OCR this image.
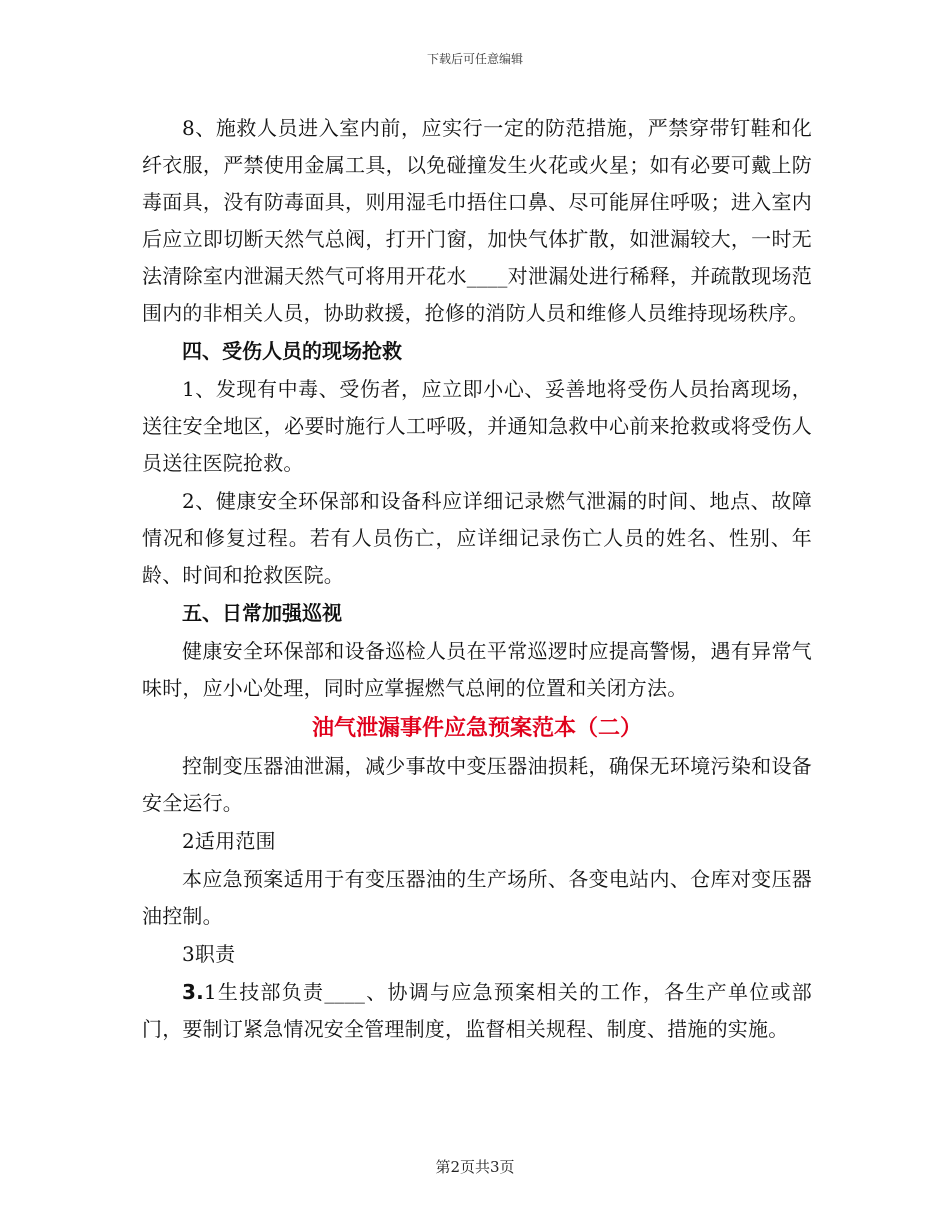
下载后可任意编辑

8、施救人员进入室内前，应实行一定的防范措施，严禁穿带钉鞋和化纤衣服，严禁使用金属工具，以免碰撞发生火花或火星；如有必要可戴上防毒面具，没有防毒面具，则用湿毛巾捂住口鼻、尽可能屏住呼吸；进入室内后应立即切断天然气总阀，打开门窗，加快气体扩散，如泄漏较大，一时无法清除室内泄漏天然气可将用开花水____对泄漏处进行稀释，并疏散现场范围内的非相关人员，协助救援，抢修的消防人员和维修人员维持现场秩序。

四、受伤人员的现场抢救

1、发现有中毒、受伤者，应立即小心、妥善地将受伤人员抬离现场，送往安全地区，必要时施行人工呼吸，并通知急救中心前来抢救或将受伤人员送往医院抢救。

2、健康安全环保部和设备科应详细记录燃气泄漏的时间、地点、故障情况和修复过程。若有人员伤亡，应详细记录伤亡人员的姓名、性别、年龄、时间和抢救医院。

五、日常加强巡视

健康安全环保部和设备巡检人员在平常巡逻时应提高警惕，遇有异常气味时，应小心处理，同时应掌握燃气总闸的位置和关闭方法。

油气泄漏事件应急预案范本（二）

控制变压器油泄漏，减少事故中变压器油损耗，确保无环境污染和设备安全运行。

2适用范围

本应急预案适用于有变压器油的生产场所、各变电站内、仓库对变压器油控制。

3职责

3.1生技部负责____、协调与应急预案相关的工作，各生产单位或部门，要制订紧急情况安全管理制度，监督相关规程、制度、措施的实施。

第2页共3页
